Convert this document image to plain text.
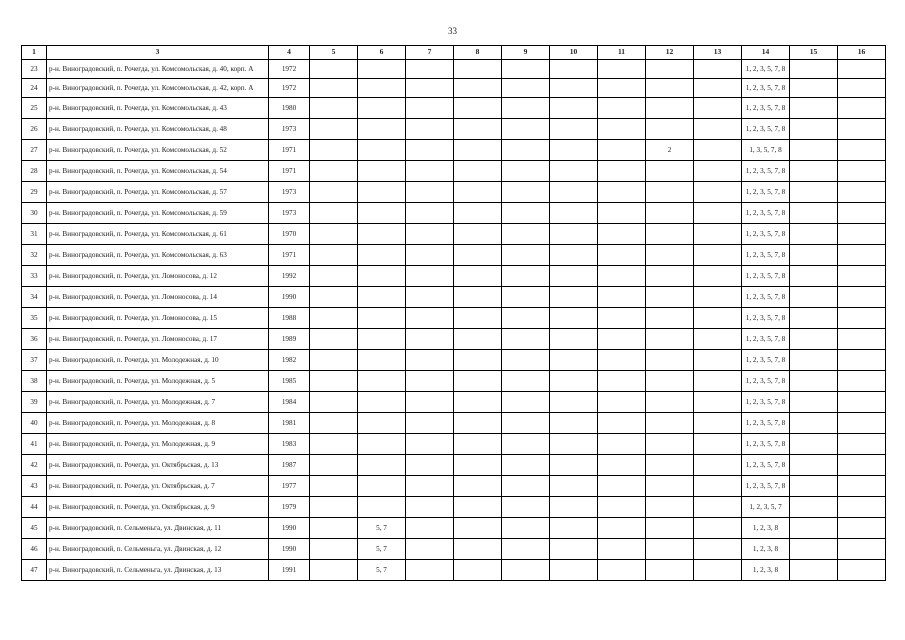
33
1	3	4	5	6	7	8	9	10	11	12	13	14	15	16
23	р-н. Виноградовский, п. Рочегда, ул. Комсомольская, д. 40, корп. А	1972										1, 2, 3, 5, 7, 8		
24	р-н. Виноградовский, п. Рочегда, ул. Комсомольская, д. 42, корп. А	1972										1, 2, 3, 5, 7, 8		
25	р-н. Виноградовский, п. Рочегда, ул. Комсомольская, д. 43	1980										1, 2, 3, 5, 7, 8		
26	р-н. Виноградовский, п. Рочегда, ул. Комсомольская, д. 48	1973										1, 2, 3, 5, 7, 8		
27	р-н. Виноградовский, п. Рочегда, ул. Комсомольская, д. 52	1971								2		1, 3, 5, 7, 8		
28	р-н. Виноградовский, п. Рочегда, ул. Комсомольская, д. 54	1971										1, 2, 3, 5, 7, 8		
29	р-н. Виноградовский, п. Рочегда, ул. Комсомольская, д. 57	1973										1, 2, 3, 5, 7, 8		
30	р-н. Виноградовский, п. Рочегда, ул. Комсомольская, д. 59	1973										1, 2, 3, 5, 7, 8		
31	р-н. Виноградовский, п. Рочегда, ул. Комсомольская, д. 61	1970										1, 2, 3, 5, 7, 8		
32	р-н. Виноградовский, п. Рочегда, ул. Комсомольская, д. 63	1971										1, 2, 3, 5, 7, 8		
33	р-н. Виноградовский, п. Рочегда, ул. Ломоносова, д. 12	1992										1, 2, 3, 5, 7, 8		
34	р-н. Виноградовский, п. Рочегда, ул. Ломоносова, д. 14	1990										1, 2, 3, 5, 7, 8		
35	р-н. Виноградовский, п. Рочегда, ул. Ломоносова, д. 15	1988										1, 2, 3, 5, 7, 8		
36	р-н. Виноградовский, п. Рочегда, ул. Ломоносова, д. 17	1989										1, 2, 3, 5, 7, 8		
37	р-н. Виноградовский, п. Рочегда, ул. Молодежная, д. 10	1982										1, 2, 3, 5, 7, 8		
38	р-н. Виноградовский, п. Рочегда, ул. Молодежная, д. 5	1985										1, 2, 3, 5, 7, 8		
39	р-н. Виноградовский, п. Рочегда, ул. Молодежная, д. 7	1984										1, 2, 3, 5, 7, 8		
40	р-н. Виноградовский, п. Рочегда, ул. Молодежная, д. 8	1981										1, 2, 3, 5, 7, 8		
41	р-н. Виноградовский, п. Рочегда, ул. Молодежная, д. 9	1983										1, 2, 3, 5, 7, 8		
42	р-н. Виноградовский, п. Рочегда, ул. Октябрьская, д. 13	1987										1, 2, 3, 5, 7, 8		
43	р-н. Виноградовский, п. Рочегда, ул. Октябрьская, д. 7	1977										1, 2, 3, 5, 7, 8		
44	р-н. Виноградовский, п. Рочегда, ул. Октябрьская, д. 9	1979										1, 2, 3, 5, 7		
45	р-н. Виноградовский, п. Сельменьга, ул. Двинская, д. 11	1990		5, 7								1, 2, 3, 8		
46	р-н. Виноградовский, п. Сельменьга, ул. Двинская, д. 12	1990		5, 7								1, 2, 3, 8		
47	р-н. Виноградовский, п. Сельменьга, ул. Двинская, д. 13	1991		5, 7								1, 2, 3, 8		
